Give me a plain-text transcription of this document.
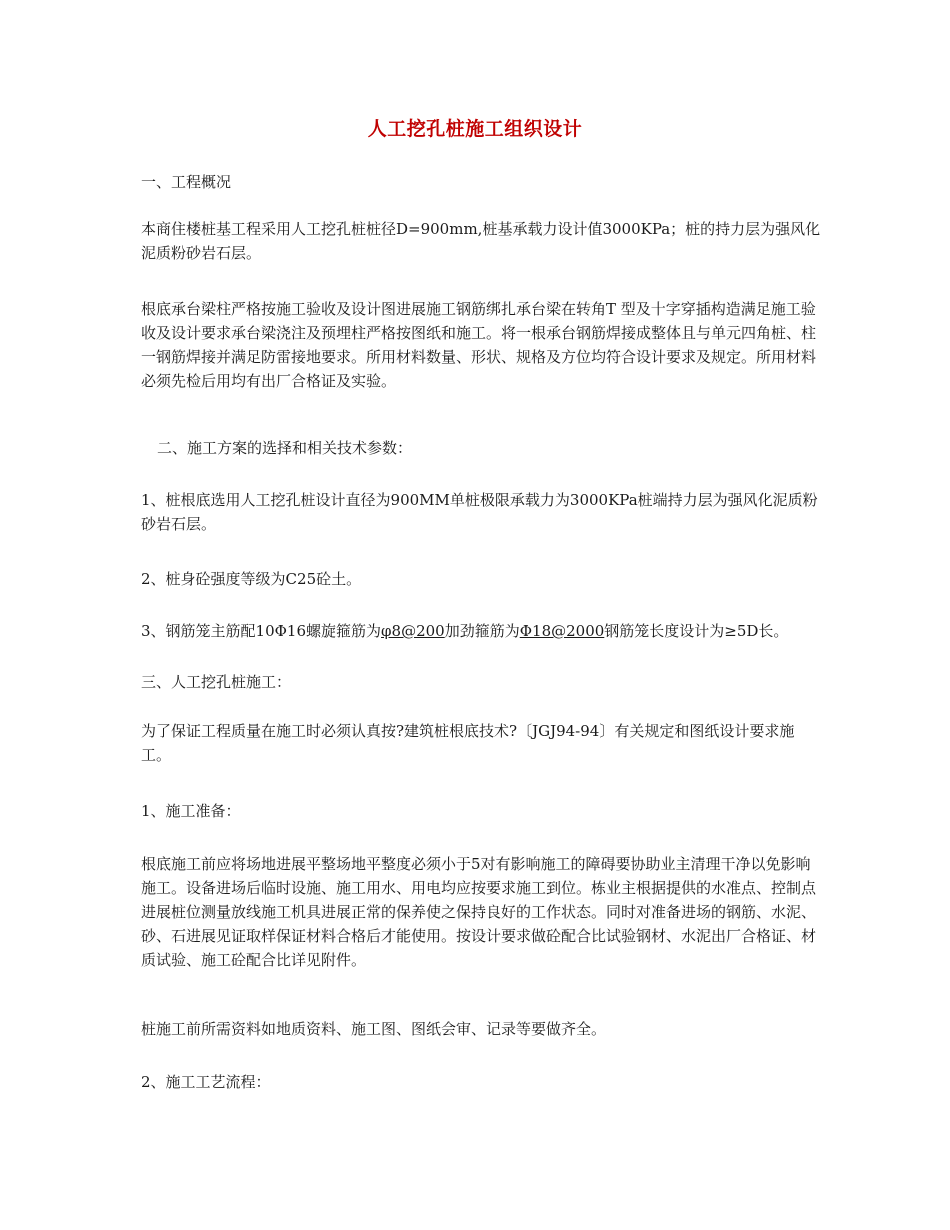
人工挖孔桩施工组织设计

一、工程概况

本商住楼桩基工程采用人工挖孔桩桩径D=900mm,桩基承载力设计值3000KPa；桩的持力层为强风化泥质粉砂岩石层。

根底承台梁柱严格按施工验收及设计图进展施工钢筋绑扎承台梁在转角T 型及十字穿插构造满足施工验收及设计要求承台梁浇注及预埋柱严格按图纸和施工。将一根承台钢筋焊接成整体且与单元四角桩、柱一钢筋焊接并满足防雷接地要求。所用材料数量、形状、规格及方位均符合设计要求及规定。所用材料必须先检后用均有出厂合格证及实验。

二、施工方案的选择和相关技术参数：

1、桩根底选用人工挖孔桩设计直径为900MM单桩极限承载力为3000KPa桩端持力层为强风化泥质粉砂岩石层。

2、桩身砼强度等级为C25砼土。

3、钢筋笼主筋配10Φ16螺旋箍筋为φ8@200加劲箍筋为Φ18@2000钢筋笼长度设计为≥5D长。

三、人工挖孔桩施工：

为了保证工程质量在施工时必须认真按?建筑桩根底技术?〔JGJ94-94〕有关规定和图纸设计要求施工。

1、施工准备：

根底施工前应将场地进展平整场地平整度必须小于5对有影响施工的障碍要协助业主清理干净以免影响施工。设备进场后临时设施、施工用水、用电均应按要求施工到位。栋业主根据提供的水准点、控制点进展桩位测量放线施工机具进展正常的保养使之保持良好的工作状态。同时对准备进场的钢筋、水泥、砂、石进展见证取样保证材料合格后才能使用。按设计要求做砼配合比试验钢材、水泥出厂合格证、材质试验、施工砼配合比详见附件。

桩施工前所需资料如地质资料、施工图、图纸会审、记录等要做齐全。

2、施工工艺流程：
